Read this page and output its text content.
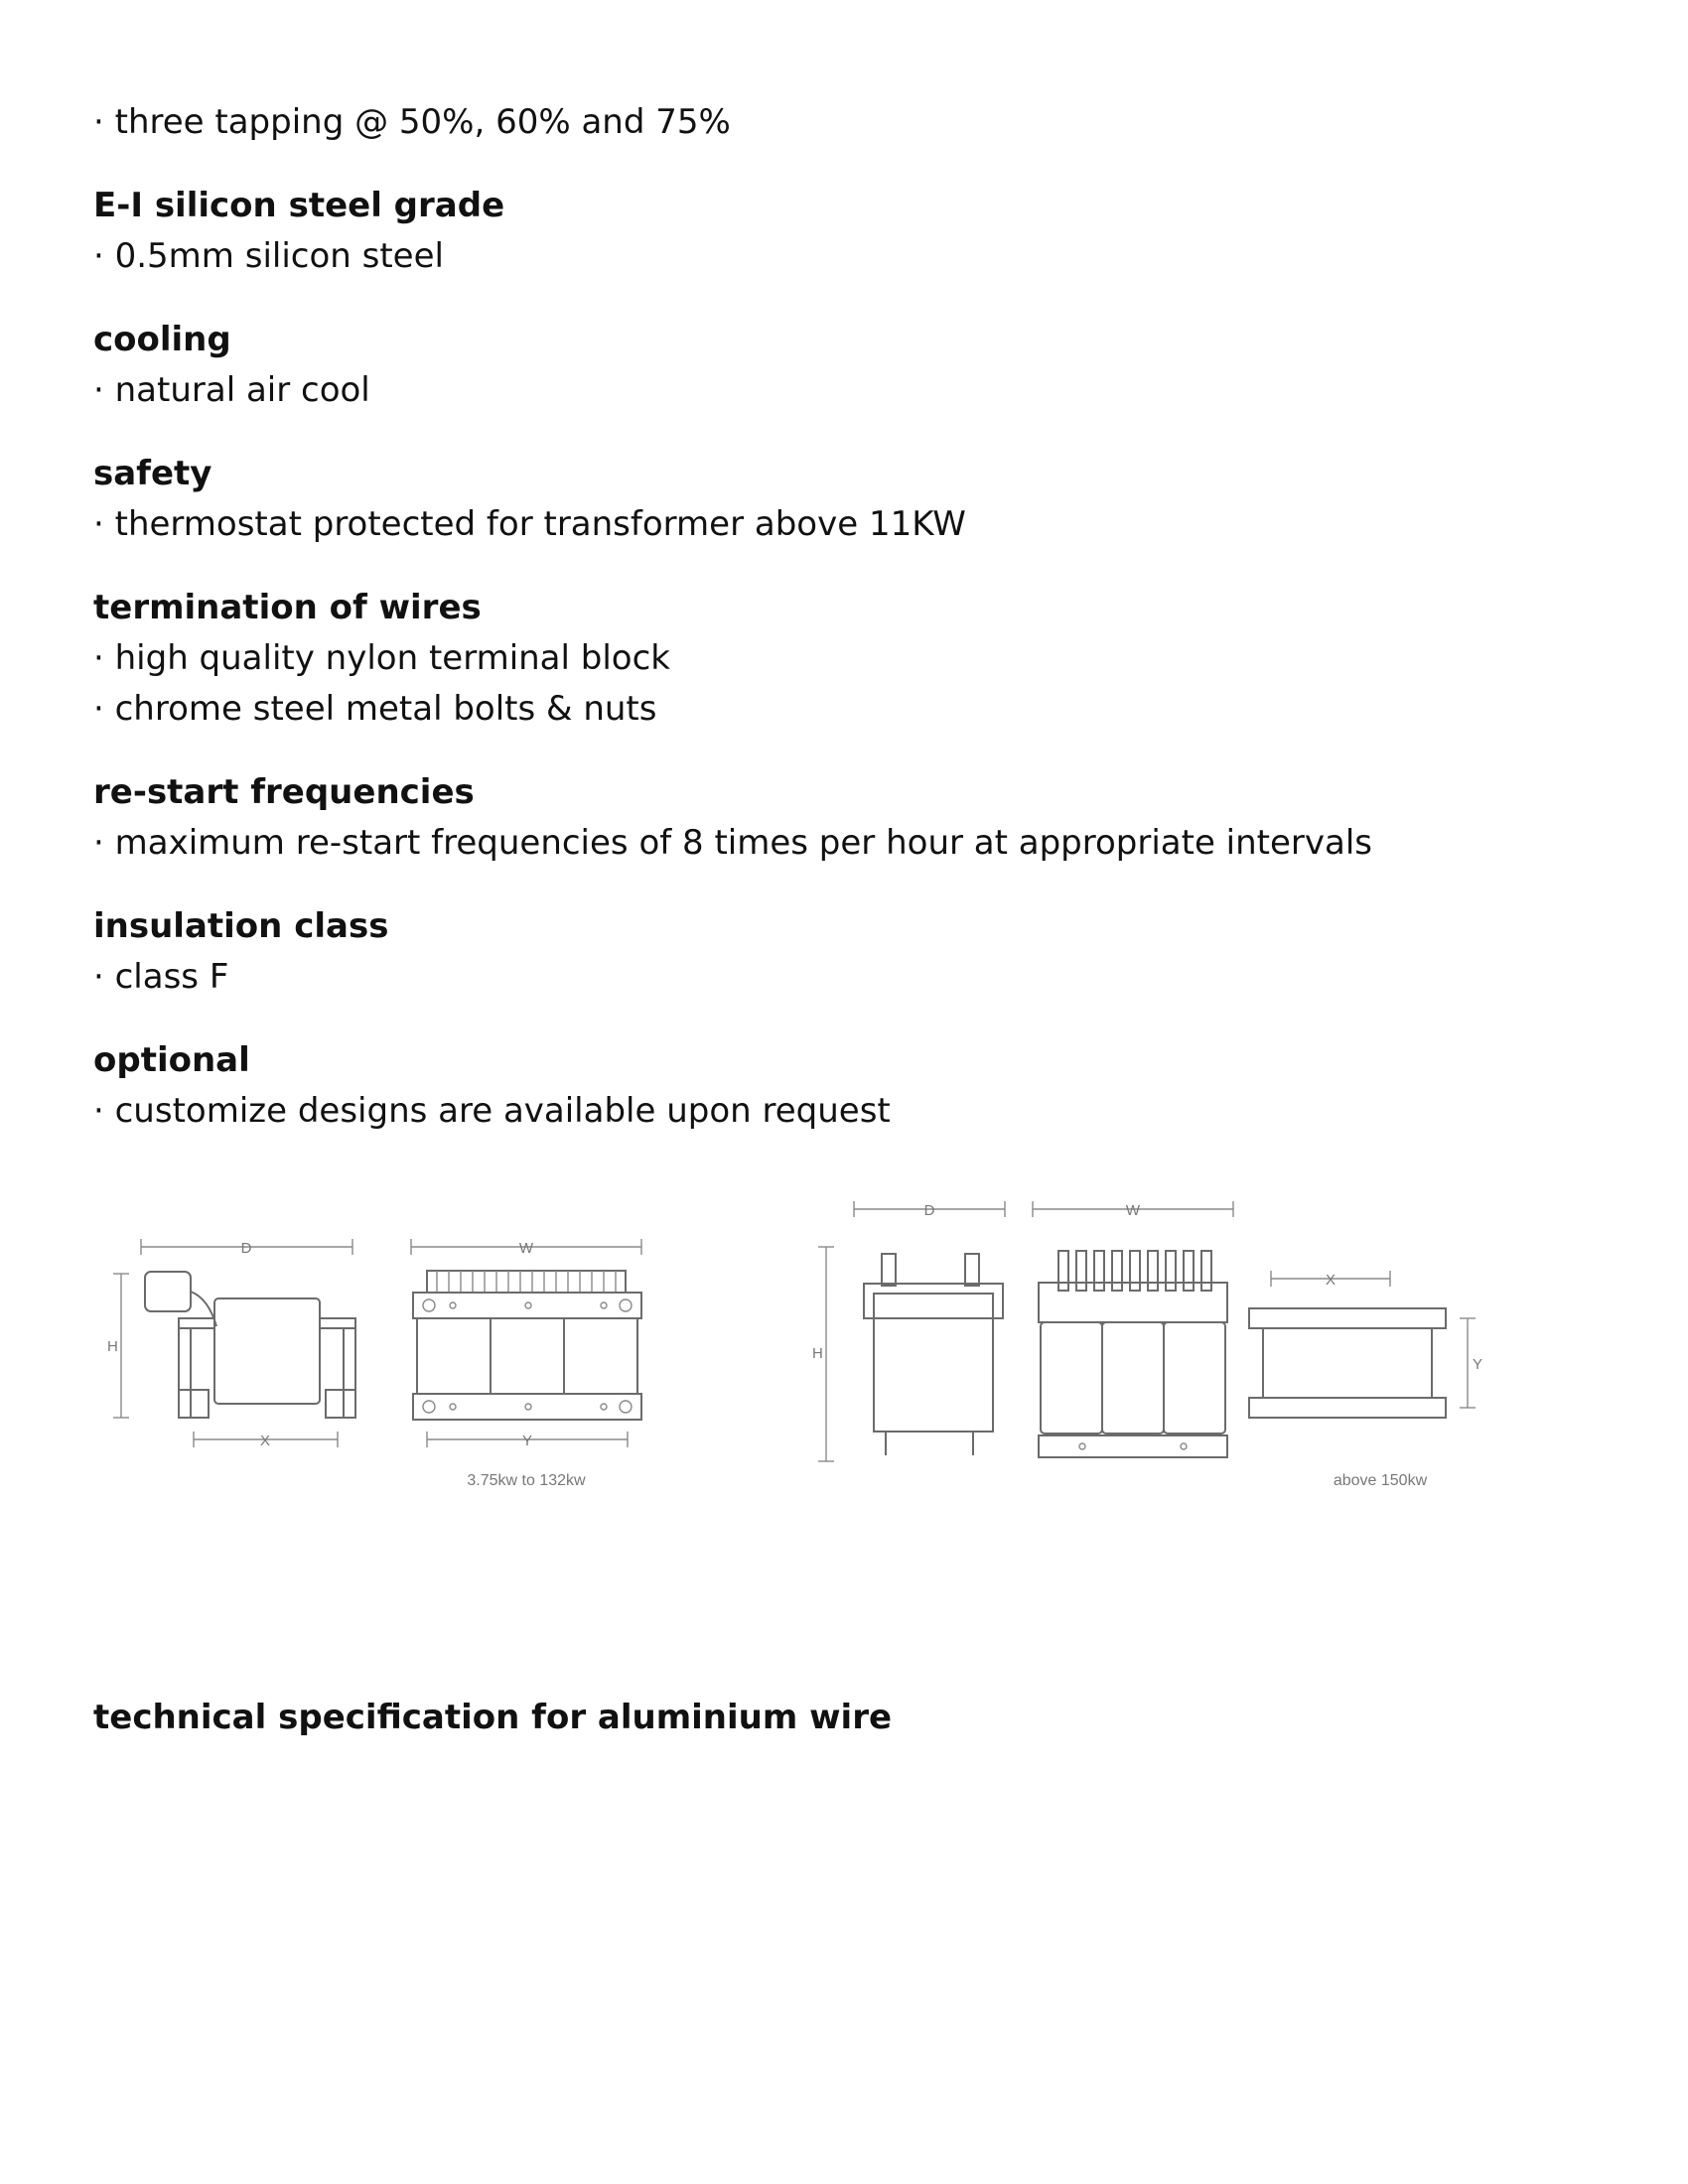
· three tapping @ 50%, 60% and 75%
E-I silicon steel grade
· 0.5mm silicon steel
cooling
· natural air cool
safety
· thermostat protected for transformer above 11KW
termination of wires
· high quality nylon terminal block
· chrome steel metal bolts & nuts
re-start frequencies
· maximum re-start frequencies of 8 times per hour at appropriate intervals
insulation class
· class F
optional
· customize designs are available upon request
technical specification for aluminium wire
D
H
X
W
Y
3.75kw to 132kw
D
H
W
X
Y
above 150kw
